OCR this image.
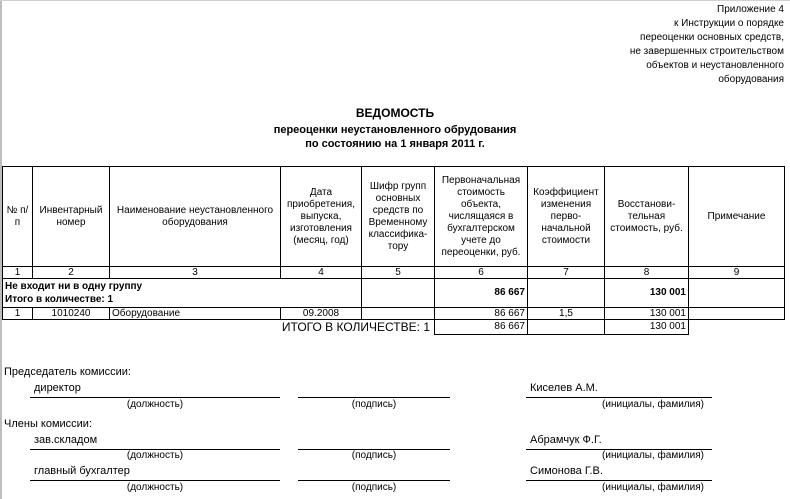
Приложение 4
к Инструкции о порядке
переоценки основных средств,
не завершенных строительством
объектов и неустановленного
оборудования
ВЕДОМОСТЬ
переоценки неустановленного обрудования
по состоянию на 1 января 2011 г.
№ п/п	Инвентарный номер	Наименование неустановленного оборудования	Дата приобретения, выпуска, изготовления (месяц, год)	Шифр групп основных средств по Временному классифика-тору	Первоначальная стоимость объекта, числящаяся в бухгалтерском учете до переоценки, руб.	Коэффициент изменения перво-начальной стоимости	Восстанови-тельная стоимость, руб.	Примечание
1	2	3	4	5	6	7	8	9

Не входит ни в одну группу
Итого в количестве: 1					86 667		130 001	
1	1010240	Оборудование	09.2008		86 667	1,5	130 001	
ИТОГО В КОЛИЧЕСТВЕ: 1					86 667		130 001	
Председатель комиссии:
директор	Киселев А.М.
(должность)	(подпись)	(инициалы, фамилия)
Члены комиссии:
зав.складом	Абрамчук Ф.Г.
(должность)	(подпись)	(инициалы, фамилия)
главный бухгалтер	Симонова Г.В.
(должность)	(подпись)	(инициалы, фамилия)
